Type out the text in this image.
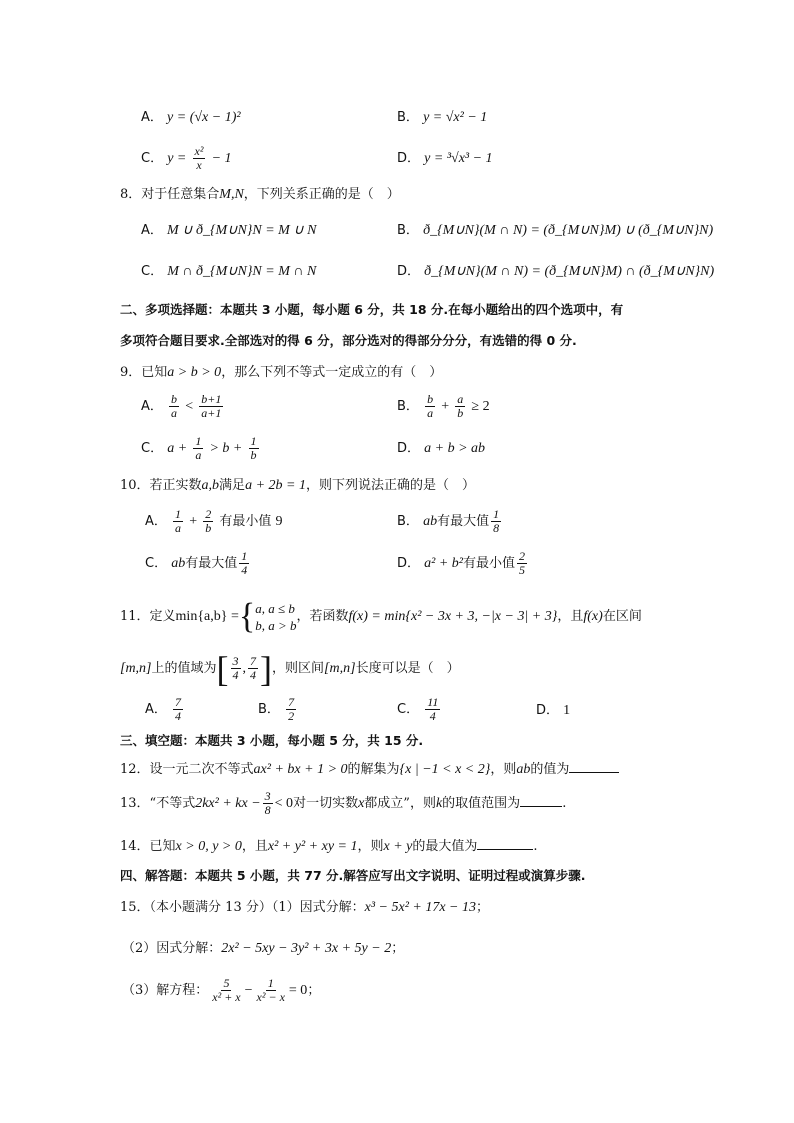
A． y = (√x − 1)²	B． y = √x² − 1
C． $y = \frac{\text{x²}}{x} - 1$	D． y = ³√x³ − 1
8．对于任意集合M,N，下列关系正确的是（　）
A． M ∪ ð_{M∪N}N = M ∪ N	B． ð_{M∪N}(M ∩ N) = (ð_{M∪N}M) ∪ (ð_{M∪N}N)
C． M ∩ ð_{M∪N}N = M ∩ N	D． ð_{M∪N}(M ∩ N) = (ð_{M∪N}M) ∩ (ð_{M∪N}N)
二、多项选择题：本题共 3 小题，每小题 6 分，共 18 分.在每小题给出的四个选项中，有
多项符合题目要求.全部选对的得 6 分，部分选对的得部分分分，有选错的得 0 分.
9．已知a > b > 0，那么下列不等式一定成立的有（　）
A． $\frac{b}{a} < \frac{b+1}{a+1}$	B． $\frac{b}{a} + \frac{a}{b} \ge 2$
C． $a + \frac{1}{a} > b + \frac{1}{b}$	D． a + b > ab
10．若正实数a,b满足a + 2b = 1，则下列说法正确的是（　）
A． $\frac{1}{a} + \frac{2}{b}$ 有最小值 9	B． ab有最大值 $\frac{1}{8}$
C． ab有最大值 $\frac{1}{4}$	D． a² + b²有最小值 $\frac{2}{5}$
11．定义min{a,b} ={ a, a ≤ b
b, a > b
，若函数f(x) = min{x² − 3x + 3, −|x − 3| + 3}，且f(x)在区间
[m,n]上的值域为[ $\frac{3}{4}$ , $\frac{7}{4}$ ]，则区间[m,n]长度可以是（　）
A． $\frac{7}{4}$	B． $\frac{7}{2}$	C． $\frac{11}{4}$	D． 1
三、填空题：本题共 3 小题，每小题 5 分，共 15 分.
12．设一元二次不等式ax² + bx + 1 > 0的解集为{x | −1 < x < 2}，则ab的值为
13．“不等式2kx² + kx − $\frac{3}{8} < 0$对一切实数x都成立”，则k的取值范围为	.
14．已知x > 0, y > 0，且x² + y² + xy = 1，则x + y的最大值为	.
四、解答题：本题共 5 小题，共 77 分.解答应写出文字说明、证明过程或演算步骤.
15．（本小题满分 13 分）（1）因式分解：x³ − 5x² + 17x − 13；
（2）因式分解：2x² − 5xy − 3y² + 3x + 5y − 2；
（3）解方程： $\frac{5}{\text{x² + x}} - \frac{1}{\text{x² − x}} = 0$；
